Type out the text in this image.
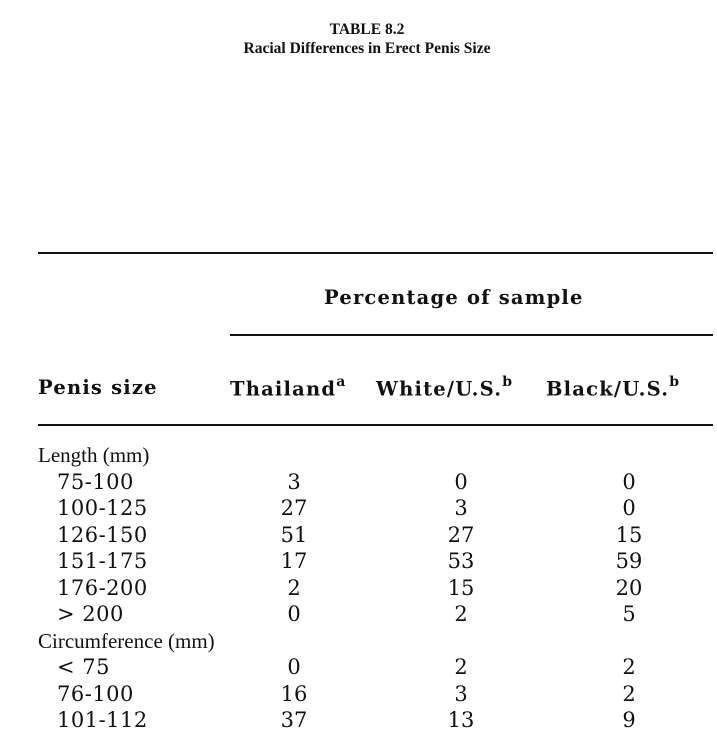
TABLE 8.2
Racial Differences in Erect Penis Size
Percentage of sample
Penis size	Thailand$^a$ White/U.S.$^b$ Black/U.S.$^b$
Length (mm)
75-100	3	0	0
100-125	27	3	0
126-150	51	27	15
151-175	17	53	59
176-200	2	15	20
> 200	0	2	5
Circumference (mm)
< 75	0	2	2
76-100	16	3	2
101-112	37	13	9
